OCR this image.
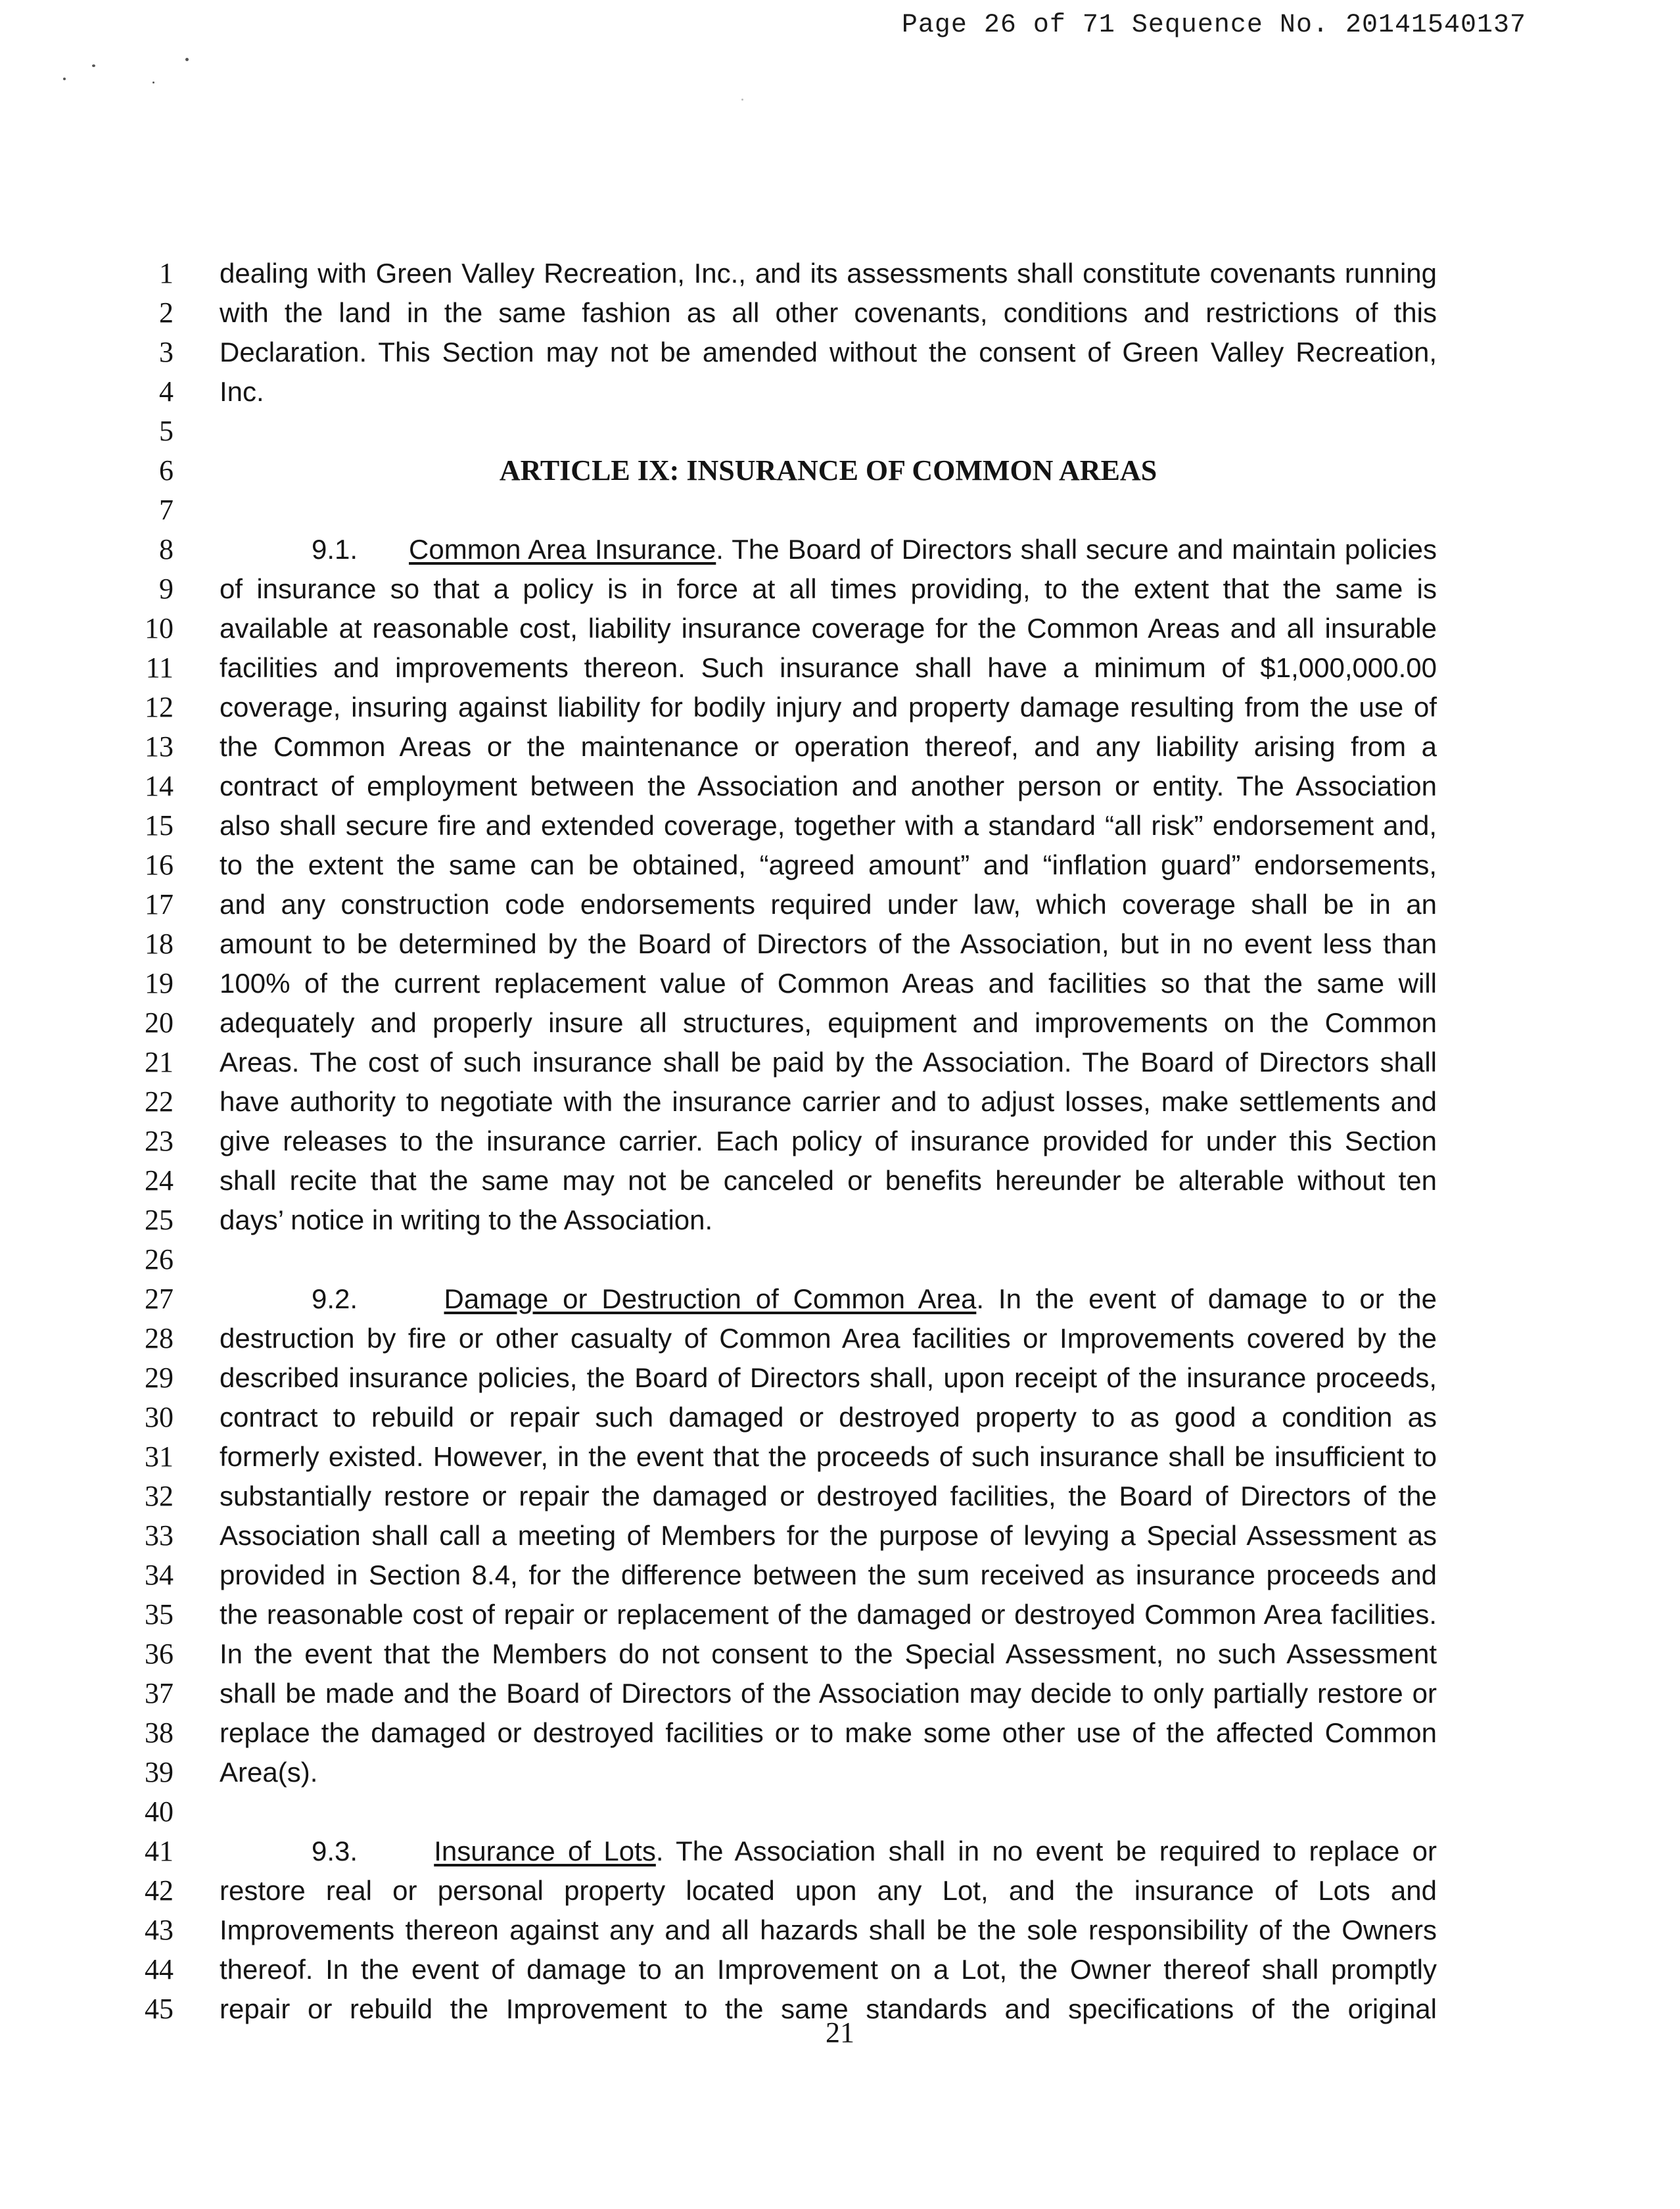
Page 26 of 71 Sequence No. 20141540137
1
2
3
4
5
6
7
8
9
10
11
12
13
14
15
16
17
18
19
20
21
22
23
24
25
26
27
28
29
30
31
32
33
34
35
36
37
38
39
40
41
42
43
44
45
dealing with Green Valley Recreation, Inc., and its assessments shall constitute covenants running
with the land in the same fashion as all other covenants, conditions and restrictions of this
Declaration. This Section may not be amended without the consent of Green Valley Recreation,
Inc.
ARTICLE IX: INSURANCE OF COMMON AREAS
9.1. Common Area Insurance. The Board of Directors shall secure and maintain policies
of insurance so that a policy is in force at all times providing, to the extent that the same is
available at reasonable cost, liability insurance coverage for the Common Areas and all insurable
facilities and improvements thereon. Such insurance shall have a minimum of $1,000,000.00
coverage, insuring against liability for bodily injury and property damage resulting from the use of
the Common Areas or the maintenance or operation thereof, and any liability arising from a
contract of employment between the Association and another person or entity. The Association
also shall secure fire and extended coverage, together with a standard “all risk” endorsement and,
to the extent the same can be obtained, “agreed amount” and “inflation guard” endorsements,
and any construction code endorsements required under law, which coverage shall be in an
amount to be determined by the Board of Directors of the Association, but in no event less than
100% of the current replacement value of Common Areas and facilities so that the same will
adequately and properly insure all structures, equipment and improvements on the Common
Areas. The cost of such insurance shall be paid by the Association. The Board of Directors shall
have authority to negotiate with the insurance carrier and to adjust losses, make settlements and
give releases to the insurance carrier. Each policy of insurance provided for under this Section
shall recite that the same may not be canceled or benefits hereunder be alterable without ten
days’ notice in writing to the Association.
9.2.	Damage or Destruction of Common Area. In the event of damage to or the
destruction by fire or other casualty of Common Area facilities or Improvements covered by the
described insurance policies, the Board of Directors shall, upon receipt of the insurance proceeds,
contract to rebuild or repair such damaged or destroyed property to as good a condition as
formerly existed. However, in the event that the proceeds of such insurance shall be insufficient to
substantially restore or repair the damaged or destroyed facilities, the Board of Directors of the
Association shall call a meeting of Members for the purpose of levying a Special Assessment as
provided in Section 8.4, for the difference between the sum received as insurance proceeds and
the reasonable cost of repair or replacement of the damaged or destroyed Common Area facilities.
In the event that the Members do not consent to the Special Assessment, no such Assessment
shall be made and the Board of Directors of the Association may decide to only partially restore or
replace the damaged or destroyed facilities or to make some other use of the affected Common
Area(s).
9.3.	Insurance of Lots. The Association shall in no event be required to replace or
restore real or personal property located upon any Lot, and the insurance of Lots and
Improvements thereon against any and all hazards shall be the sole responsibility of the Owners
thereof. In the event of damage to an Improvement on a Lot, the Owner thereof shall promptly
repair or rebuild the Improvement to the same standards and specifications of the original
21
